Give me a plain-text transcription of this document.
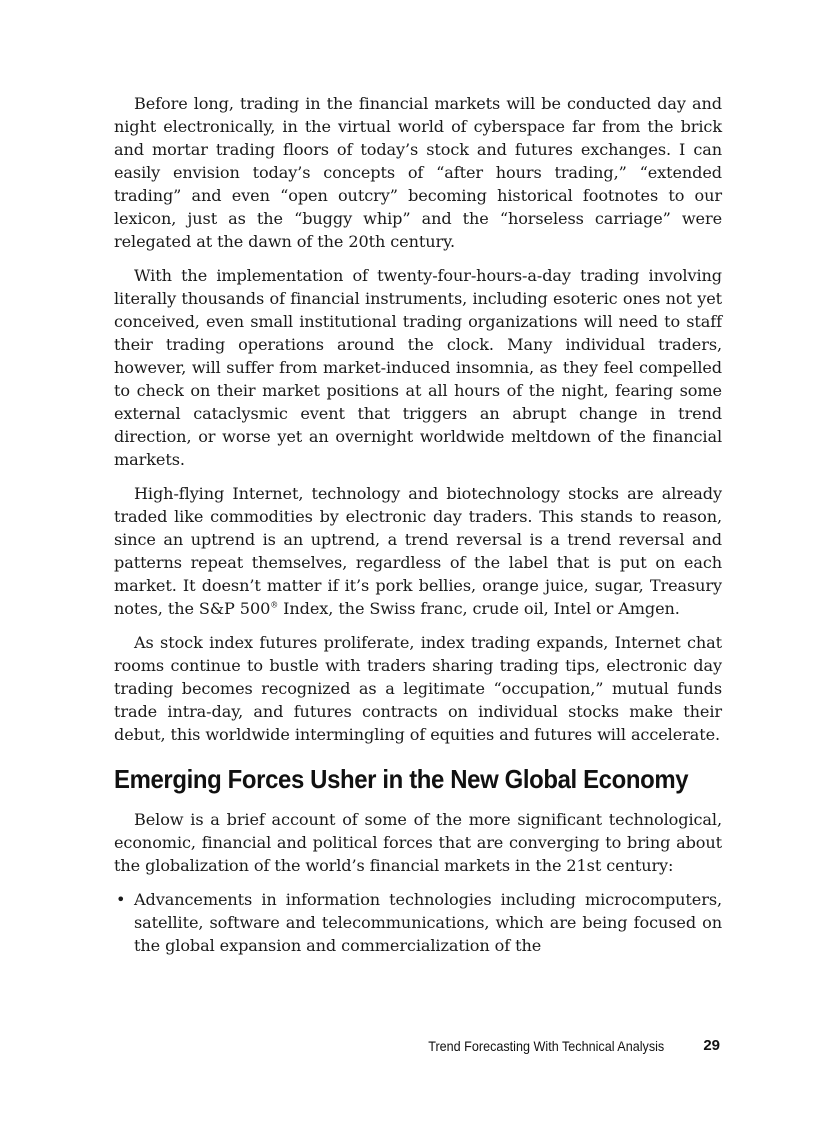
Before long, trading in the financial markets will be conducted day and night electronically, in the virtual world of cyberspace far from the brick and mortar trading floors of today’s stock and futures exchanges. I can easily envision today’s concepts of “after hours trading,” “extended trading” and even “open outcry” becoming historical footnotes to our lexicon, just as the “buggy whip” and the “horseless carriage” were relegated at the dawn of the 20th century.

With the implementation of twenty-four-hours-a-day trading involving literally thousands of financial instruments, including esoteric ones not yet conceived, even small institutional trading organizations will need to staff their trading operations around the clock. Many individual traders, however, will suffer from market-induced insomnia, as they feel compelled to check on their market positions at all hours of the night, fearing some external cataclysmic event that triggers an abrupt change in trend direction, or worse yet an overnight worldwide meltdown of the financial markets.

High-flying Internet, technology and biotechnology stocks are already traded like commodities by electronic day traders. This stands to reason, since an uptrend is an uptrend, a trend reversal is a trend reversal and patterns repeat themselves, regardless of the label that is put on each market. It doesn’t matter if it’s pork bellies, orange juice, sugar, Treasury notes, the S&P 500® Index, the Swiss franc, crude oil, Intel or Amgen.

As stock index futures proliferate, index trading expands, Internet chat rooms continue to bustle with traders sharing trading tips, electronic day trading becomes recognized as a legitimate “occupation,” mutual funds trade intra-day, and futures contracts on individual stocks make their debut, this worldwide intermingling of equities and futures will accelerate.

Emerging Forces Usher in the New Global Economy

Below is a brief account of some of the more significant technological, economic, financial and political forces that are converging to bring about the globalization of the world’s financial markets in the 21st century:

• Advancements in information technologies including microcomputers, satellite, software and telecommunications, which are being focused on the global expansion and commercialization of the
Trend Forecasting With Technical Analysis	29
